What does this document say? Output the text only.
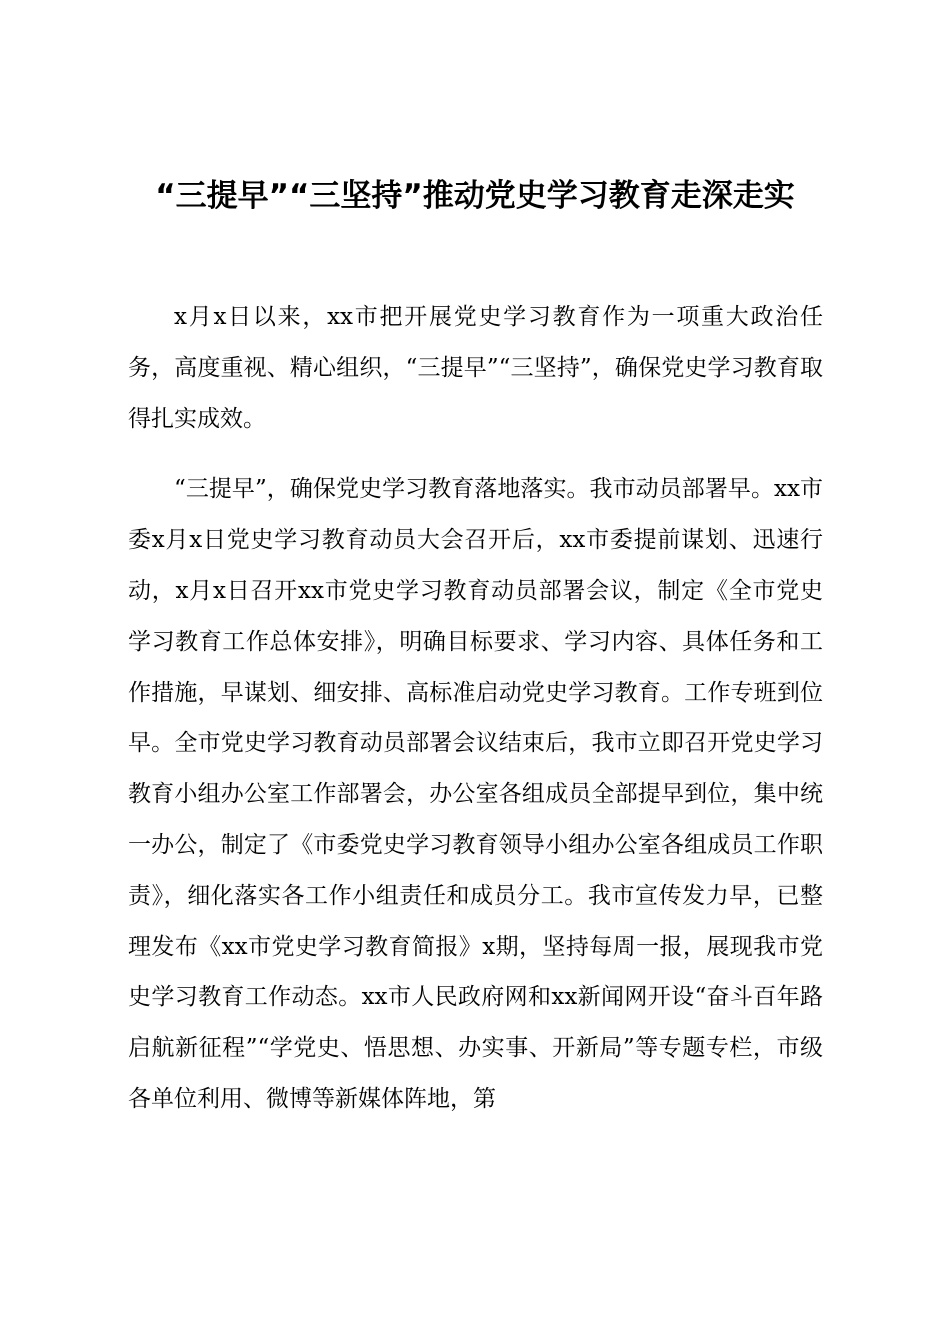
“三提早”“三坚持”推动党史学习教育走深走实

x月x日以来，xx市把开展党史学习教育作为一项重大政治任务，高度重视、精心组织，“三提早”“三坚持”，确保党史学习教育取得扎实成效。

“三提早”，确保党史学习教育落地落实。我市动员部署早。xx市委x月x日党史学习教育动员大会召开后，xx市委提前谋划、迅速行动，x月x日召开xx市党史学习教育动员部署会议，制定《全市党史学习教育工作总体安排》，明确目标要求、学习内容、具体任务和工作措施，早谋划、细安排、高标准启动党史学习教育。工作专班到位早。全市党史学习教育动员部署会议结束后，我市立即召开党史学习教育小组办公室工作部署会，办公室各组成员全部提早到位，集中统一办公，制定了《市委党史学习教育领导小组办公室各组成员工作职责》，细化落实各工作小组责任和成员分工。我市宣传发力早，已整理发布《xx市党史学习教育简报》x期，坚持每周一报，展现我市党史学习教育工作动态。xx市人民政府网和xx新闻网开设“奋斗百年路启航新征程”“学党史、悟思想、办实事、开新局”等专题专栏，市级各单位利用、微博等新媒体阵地，第
